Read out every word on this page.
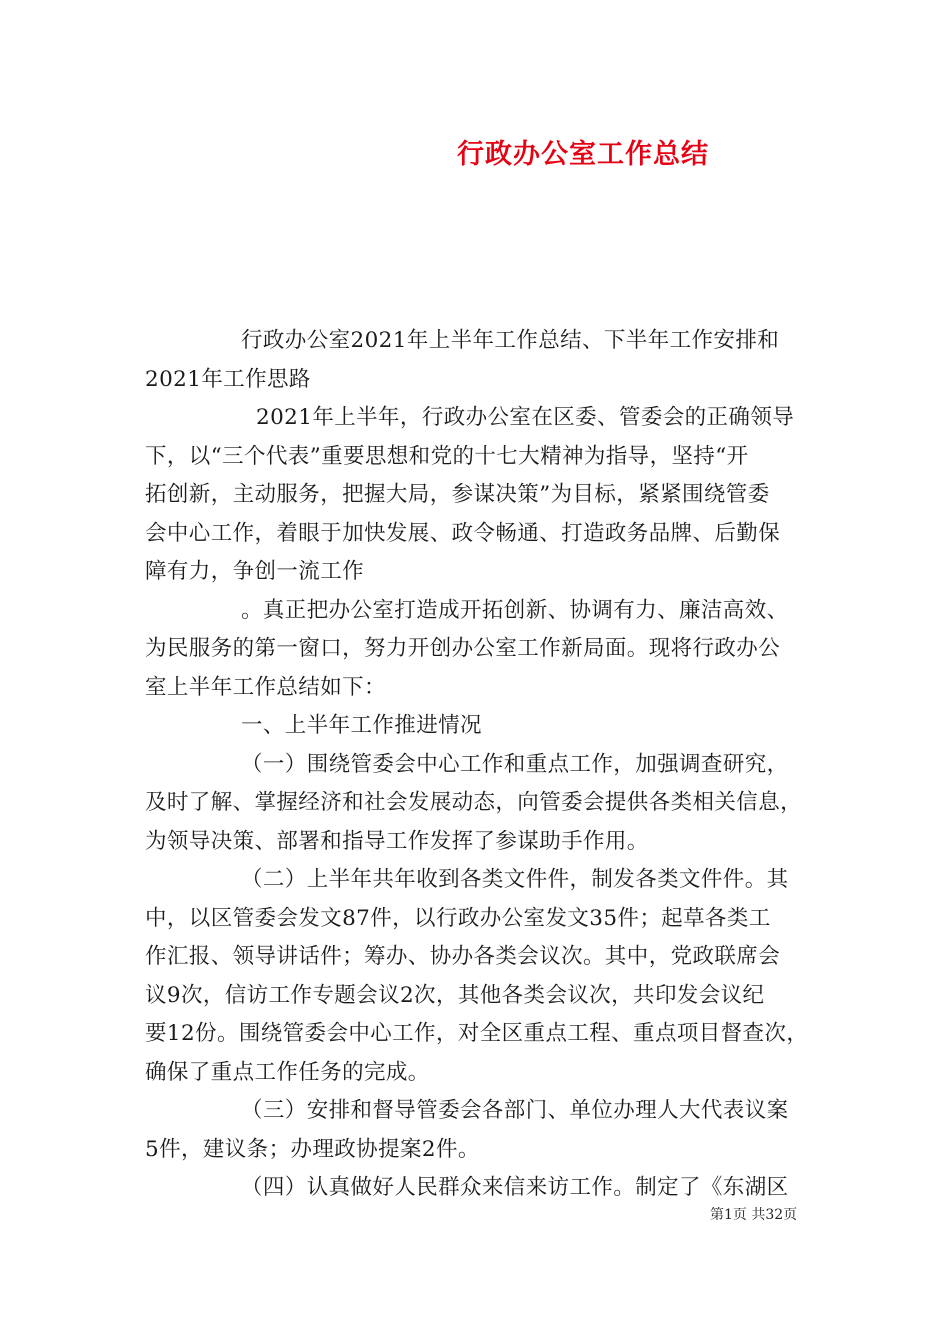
行政办公室工作总结
行政办公室2021年上半年工作总结、下半年工作安排和
2021年工作思路
2021年上半年，行政办公室在区委、管委会的正确领导
下，以“三个代表”重要思想和党的十七大精神为指导，坚持“开
拓创新，主动服务，把握大局，参谋决策”为目标，紧紧围绕管委
会中心工作，着眼于加快发展、政令畅通、打造政务品牌、后勤保
障有力，争创一流工作
。真正把办公室打造成开拓创新、协调有力、廉洁高效、
为民服务的第一窗口，努力开创办公室工作新局面。现将行政办公
室上半年工作总结如下：
一、上半年工作推进情况
（一）围绕管委会中心工作和重点工作，加强调查研究，
及时了解、掌握经济和社会发展动态，向管委会提供各类相关信息，
为领导决策、部署和指导工作发挥了参谋助手作用。
（二）上半年共年收到各类文件件，制发各类文件件。其
中，以区管委会发文87件，以行政办公室发文35件；起草各类工
作汇报、领导讲话件；筹办、协办各类会议次。其中，党政联席会
议9次，信访工作专题会议2次，其他各类会议次，共印发会议纪
要12份。围绕管委会中心工作，对全区重点工程、重点项目督查次，
确保了重点工作任务的完成。
（三）安排和督导管委会各部门、单位办理人大代表议案
5件，建议条；办理政协提案2件。
（四）认真做好人民群众来信来访工作。制定了《东湖区
第1页 共32页
